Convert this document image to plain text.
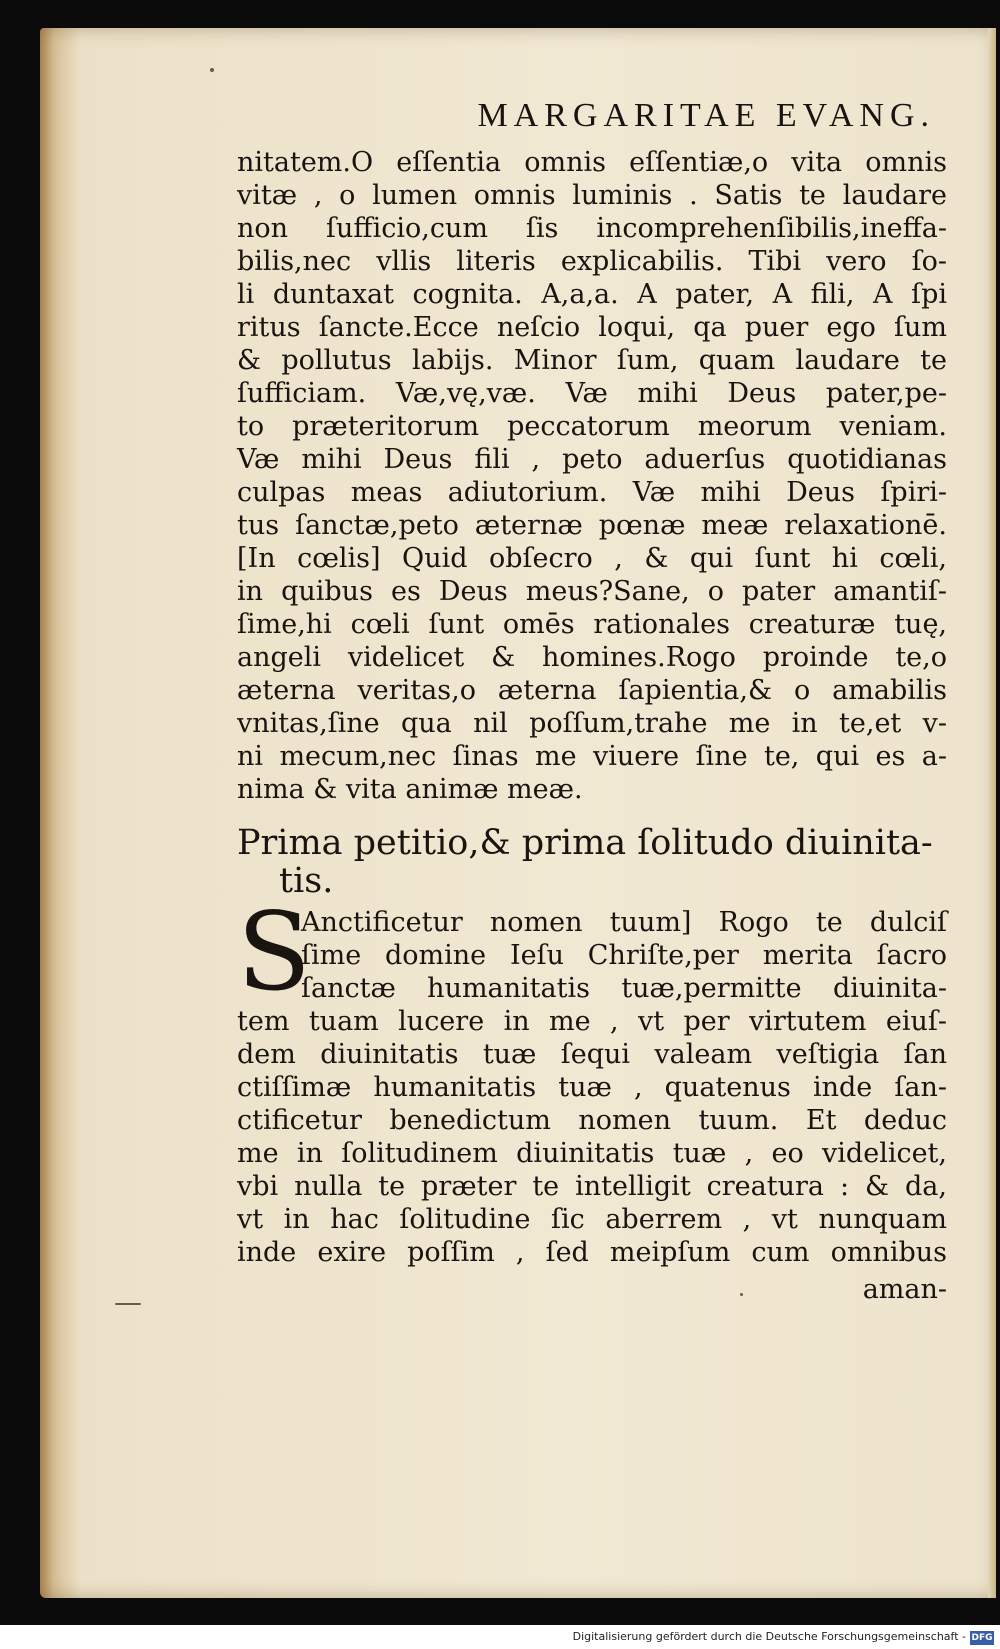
MARGARITAE EVANG.
nitatem.O eſſentia omnis eſſentiæ,o vita omnis
vitæ , o lumen omnis luminis . Satis te laudare
non ſufficio,cum ſis incomprehenſibilis,ineffa-
bilis,nec vllis literis explicabilis. Tibi vero ſo-
li duntaxat cognita. A,a,a. A pater, A fili, A ſpi
ritus ſancte.Ecce neſcio loqui, qa puer ego ſum
& pollutus labijs. Minor ſum, quam laudare te
ſufficiam. Væ,vę,væ. Væ mihi Deus pater,pe-
to præteritorum peccatorum meorum veniam.
Væ mihi Deus fili , peto aduerſus quotidianas
culpas meas adiutorium. Væ mihi Deus ſpiri-
tus ſanctæ,peto æternæ pœnæ meæ relaxationē.
[In cœlis] Quid obſecro , & qui ſunt hi cœli,
in quibus es Deus meus?Sane, o pater amantiſ-
ſime,hi cœli ſunt omēs rationales creaturæ tuę,
angeli videlicet & homines.Rogo proinde te,o
æterna veritas,o æterna ſapientia,& o amabilis
vnitas,ſine qua nil poſſum,trahe me in te,et v-
ni mecum,nec ſinas me viuere ſine te, qui es a-
nima & vita animæ meæ.
Prima petitio,& prima ſolitudo diuinita-
tis.
S
Anctificetur nomen tuum] Rogo te dulciſ
ſime domine Ieſu Chriſte,per merita ſacro
ſanctæ humanitatis tuæ,permitte diuinita-
tem tuam lucere in me , vt per virtutem eiuſ-
dem diuinitatis tuæ ſequi valeam veſtigia ſan
ctiſſimæ humanitatis tuæ , quatenus inde ſan-
ctificetur benedictum nomen tuum. Et deduc
me in ſolitudinem diuinitatis tuæ , eo videlicet,
vbi nulla te præter te intelligit creatura : & da,
vt in hac ſolitudine ſic aberrem , vt nunquam
inde exire poſſim , ſed meipſum cum omnibus
aman-
Digitalisierung gefördert durch die Deutsche Forschungsgemeinschaft - DFG
